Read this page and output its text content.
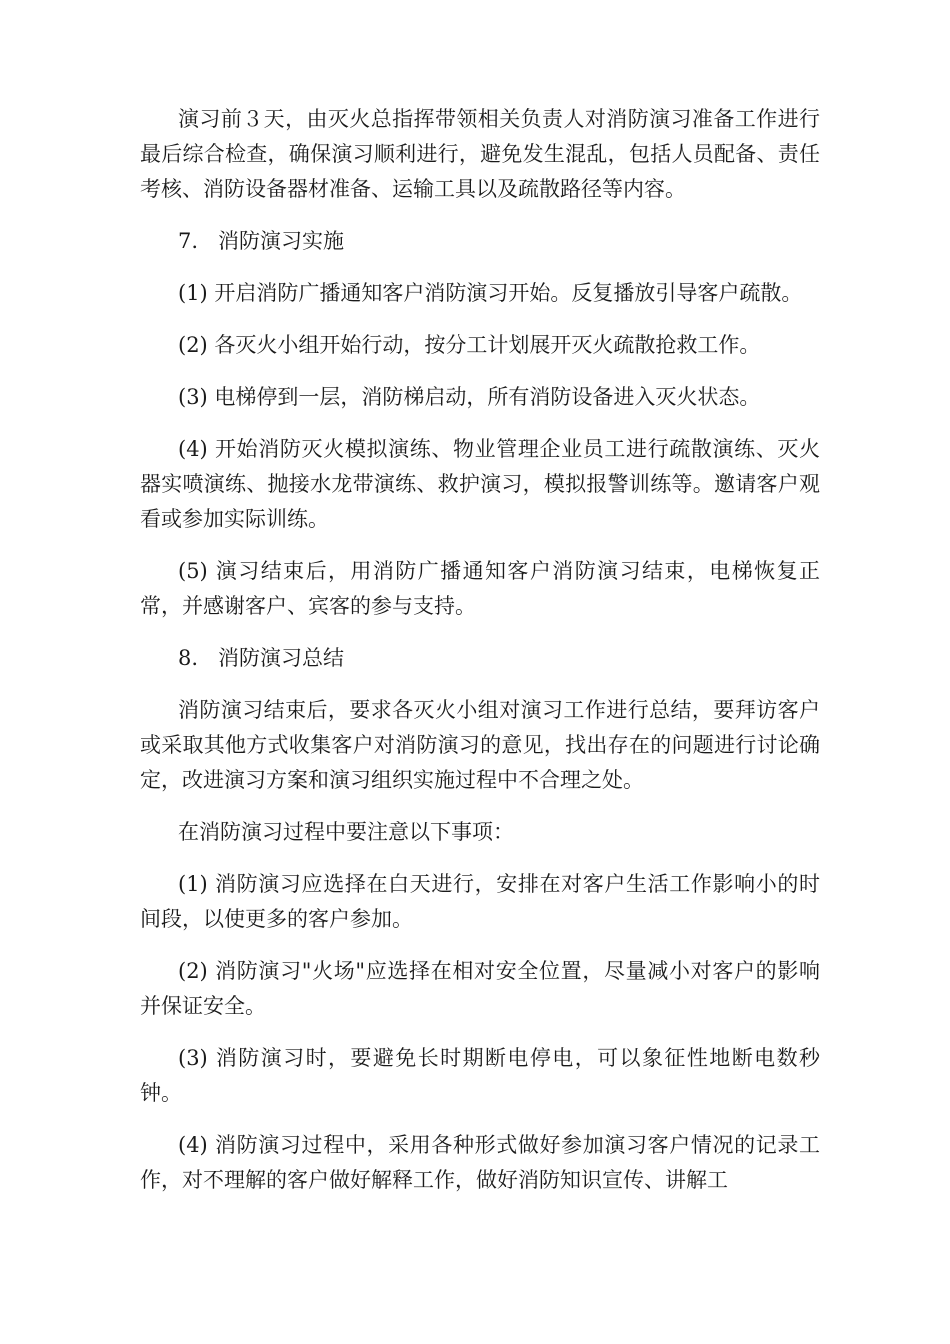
演习前３天，由灭火总指挥带领相关负责人对消防演习准备工作进行最后综合检查，确保演习顺利进行，避免发生混乱，包括人员配备、责任考核、消防设备器材准备、运输工具以及疏散路径等内容。

7. 消防演习实施

(1) 开启消防广播通知客户消防演习开始。反复播放引导客户疏散。

(2) 各灭火小组开始行动，按分工计划展开灭火疏散抢救工作。

(3) 电梯停到一层，消防梯启动，所有消防设备进入灭火状态。

(4) 开始消防灭火模拟演练、物业管理企业员工进行疏散演练、灭火器实喷演练、抛接水龙带演练、救护演习，模拟报警训练等。邀请客户观看或参加实际训练。

(5) 演习结束后，用消防广播通知客户消防演习结束，电梯恢复正常，并感谢客户、宾客的参与支持。

8. 消防演习总结

消防演习结束后，要求各灭火小组对演习工作进行总结，要拜访客户或采取其他方式收集客户对消防演习的意见，找出存在的问题进行讨论确定，改进演习方案和演习组织实施过程中不合理之处。

在消防演习过程中要注意以下事项：

(1) 消防演习应选择在白天进行，安排在对客户生活工作影响小的时间段，以使更多的客户参加。

(2) 消防演习"火场"应选择在相对安全位置，尽量减小对客户的影响并保证安全。

(3) 消防演习时，要避免长时期断电停电，可以象征性地断电数秒钟。

(4) 消防演习过程中，采用各种形式做好参加演习客户情况的记录工作，对不理解的客户做好解释工作，做好消防知识宣传、讲解工
